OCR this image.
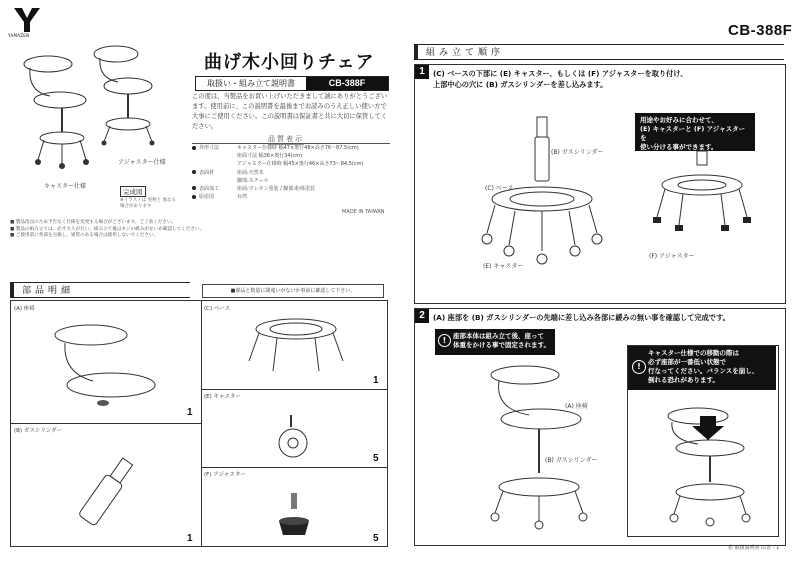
CB-388F
YAMAZEN
キャスター仕様
アジャスター仕様
完成図
※イラストは 実物と 異なる場合があります
曲げ木小回りチェア
取扱い・組み立て説明書	CB-388F
この度は、当製品をお買い上げいただきまして誠にありがとうございます。使用前に、この説明書を最後までお読みのうえ正しい使い方で大事にご使用ください。この説明書は保証書と共に大切に保管してください。
品質表示
外形寸法	キャスター仕様時 幅47×奥行48×高さ76〜87.5(cm)
座面寸法 幅36×奥行34(cm)
アジャスター仕様時 幅45×奥行46×高さ73〜84.5(cm)
表面材	座面:天然木
脚部:スチール
表面加工	座面:ウレタン塗装 / 脚部:粉体塗装
原産国	台湾
MADE IN TAIWAN
■ 製品改良のため予告なく仕様を変更する場合がございます。ご了承ください。
■ 製品の組み立ては、必ず大人が行い、組み立て後はネジの緩みがないか確認してください。
■ ご使用前に各部を点検し、異常のある場合は使用しないでください。
部品明細	■部品と数量に間違いがないか事前に確認して下さい。
(A) 座椅
1
(B) ガスシリンダー
1
(C) ベース
1
(E) キャスター
5
(F) アジャスター
5
組み立て順序
1	(C) ベースの下部に (E) キャスター、もしくは (F) アジャスターを取り付け、
上部中心の穴に (B) ガスシリンダーを差し込みます。
(B) ガスシリンダー
(C) ベース
(E) キャスター
用途やお好みに合わせて、
(E) キャスターと (F) アジャスターを
使い分ける事ができます。
(F) アジャスター
2	(A) 座部を (B) ガスシリンダーの先端に差し込み各部に緩みの無い事を確認して完成です。
!	座部本体は組み立て後、座って
体重をかける事で固定されます。
(A) 座椅
(B) ガスシリンダー
!
キャスター仕様での移動の際は
必ず座部が一番低い状態で
行なってください。バランスを崩し、
倒れる恐れがあります。
㊟ 取扱説明書 山善 - 1
